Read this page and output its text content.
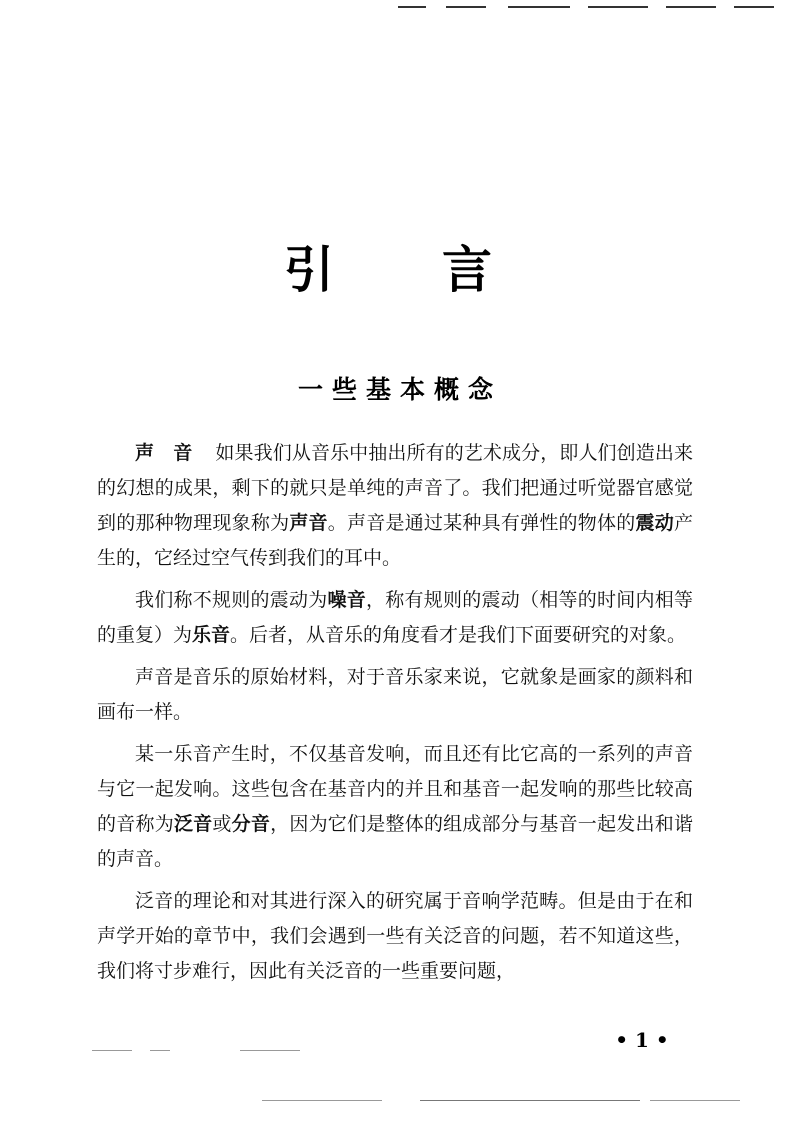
引 言
一些基本概念

声　音　如果我们从音乐中抽出所有的艺术成分，即人们创造出来的幻想的成果，剩下的就只是单纯的声音了。我们把通过听觉器官感觉到的那种物理现象称为声音。声音是通过某种具有弹性的物体的震动产生的，它经过空气传到我们的耳中。

我们称不规则的震动为噪音，称有规则的震动（相等的时间内相等的重复）为乐音。后者，从音乐的角度看才是我们下面要研究的对象。

声音是音乐的原始材料，对于音乐家来说，它就象是画家的颜料和画布一样。

某一乐音产生时，不仅基音发响，而且还有比它高的一系列的声音与它一起发响。这些包含在基音内的并且和基音一起发响的那些比较高的音称为泛音或分音，因为它们是整体的组成部分与基音一起发出和谐的声音。

泛音的理论和对其进行深入的研究属于音响学范畴。但是由于在和声学开始的章节中，我们会遇到一些有关泛音的问题，若不知道这些，我们将寸步难行，因此有关泛音的一些重要问题，

• 1 •
